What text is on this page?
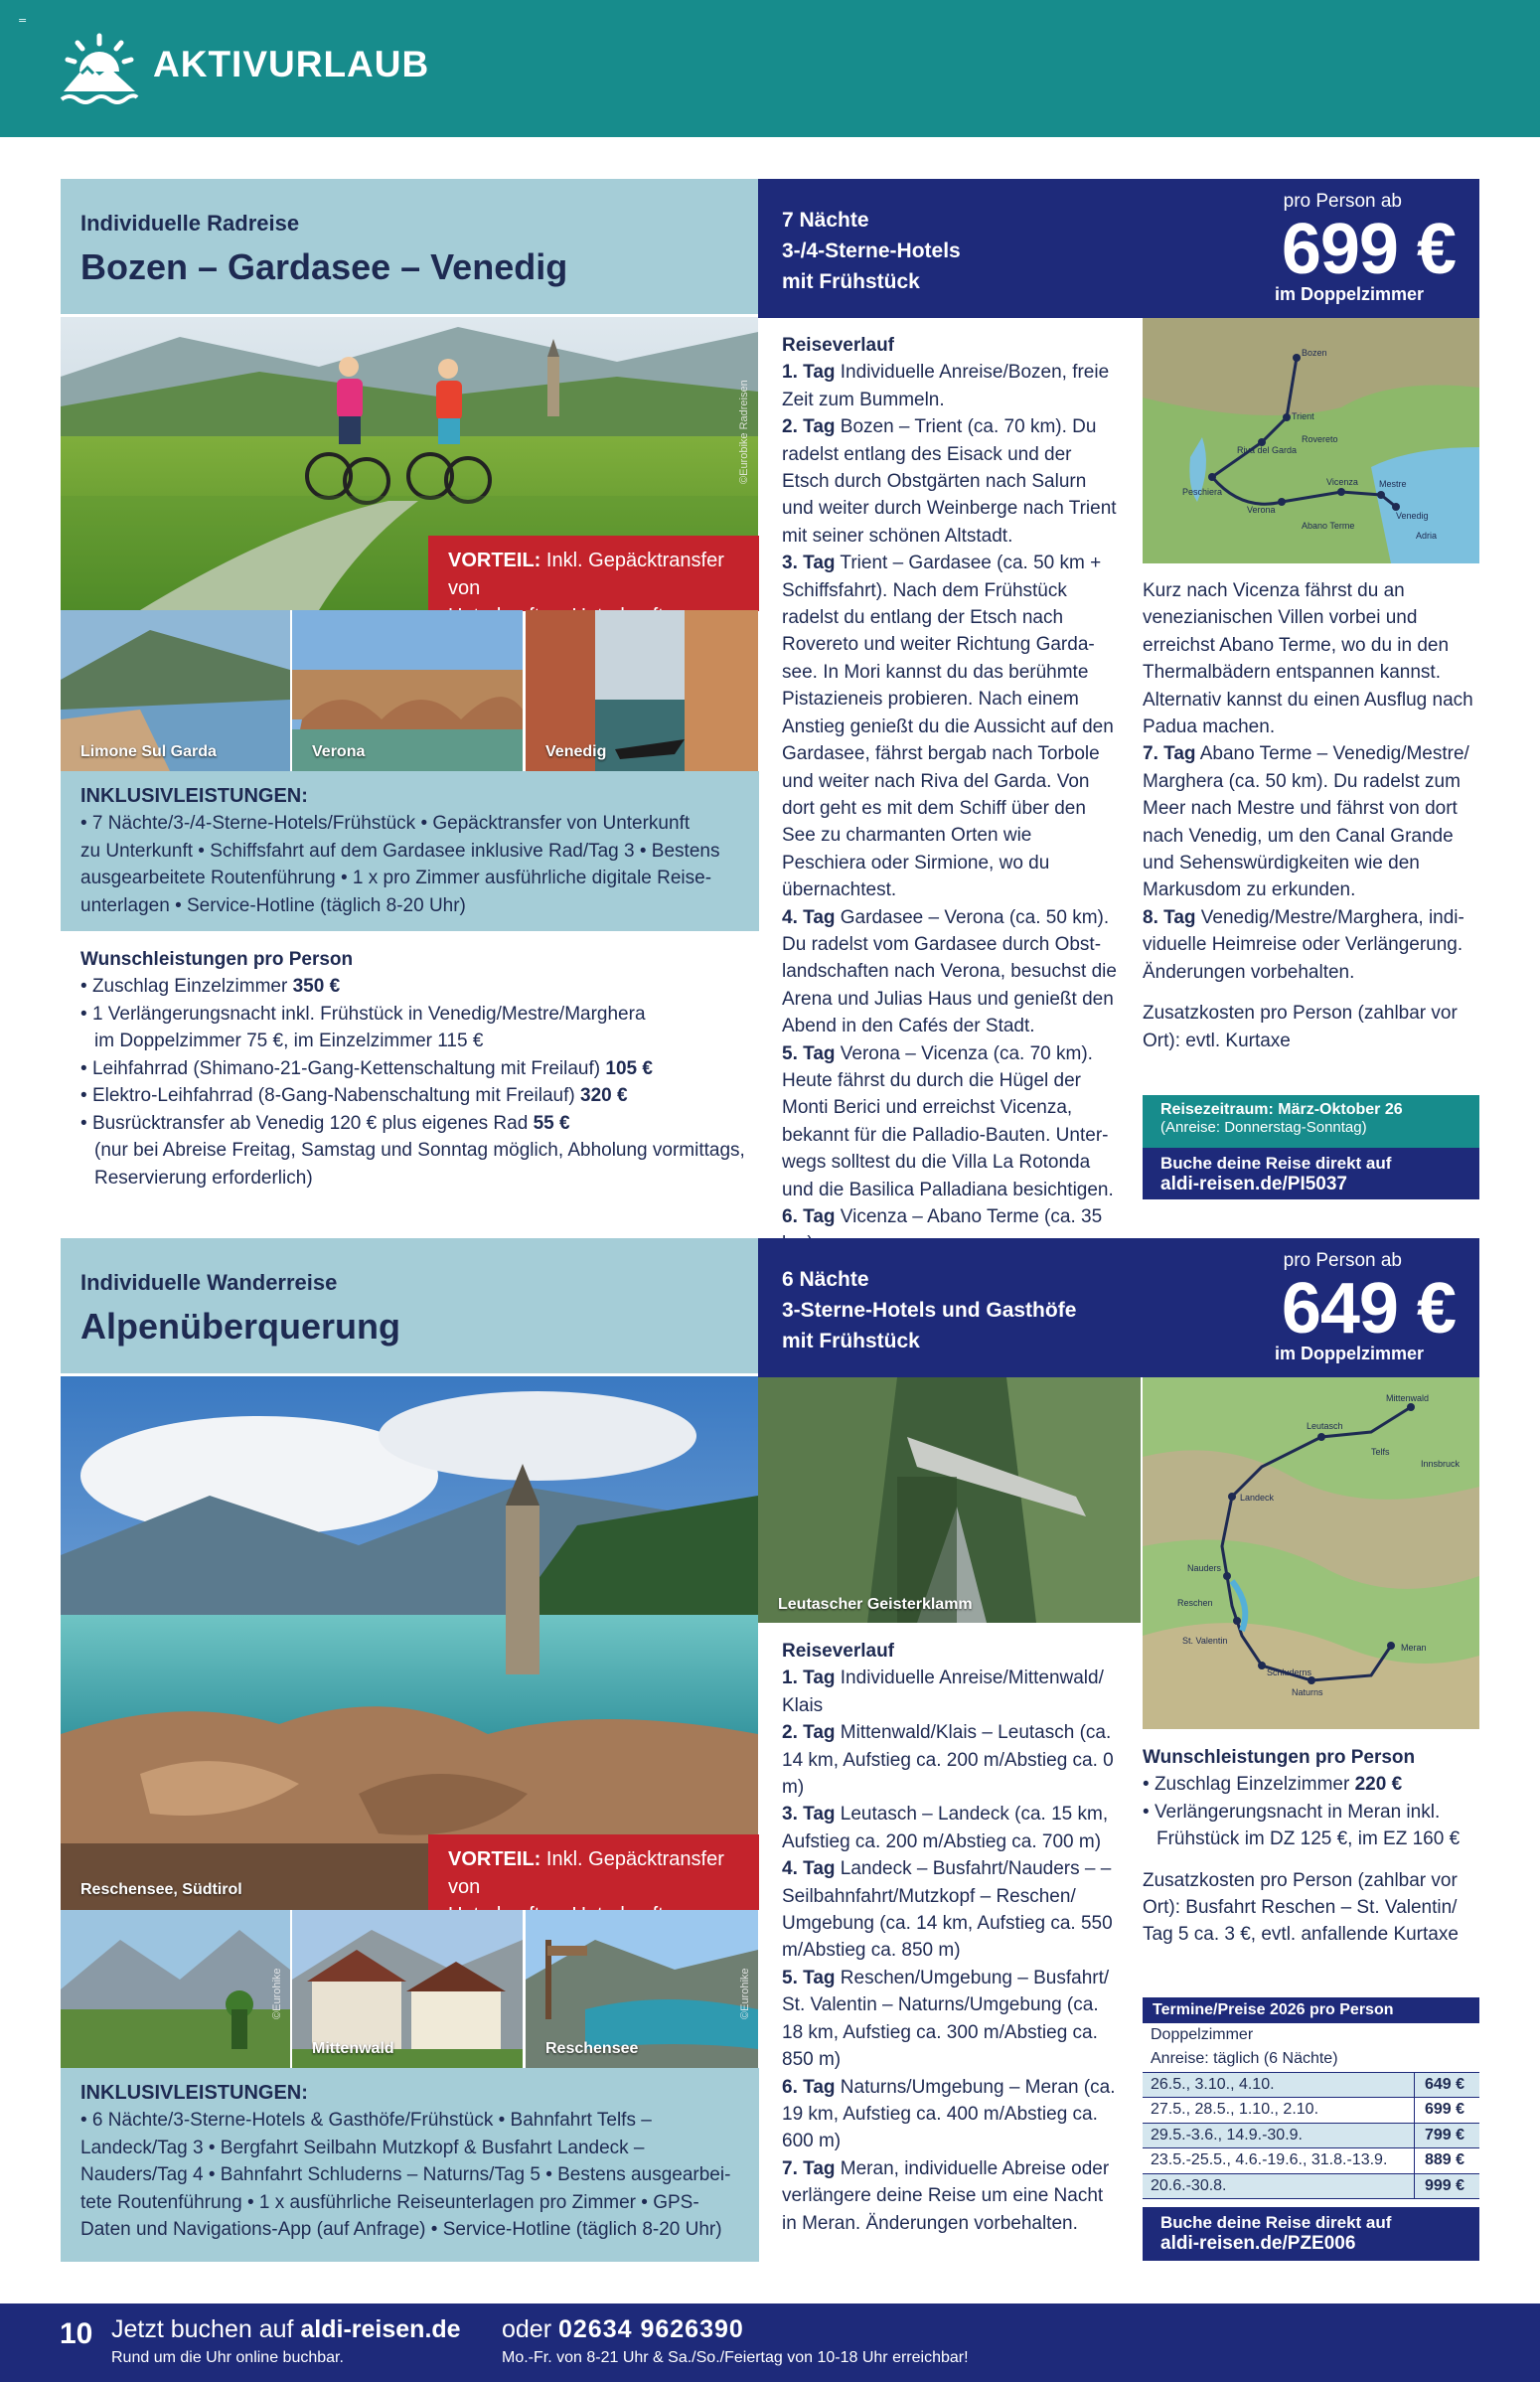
=
AKTIVURLAUB
Individuelle Radreise
Bozen – Gardasee – Venedig
7 Nächte
3-/4-Sterne-Hotels
mit Frühstück
pro Person ab
699 €
im Doppelzimmer
©Eurobike Radreisen
VORTEIL: Inkl. Gepäcktransfer von
Limone Sul Garda	Verona	Venedig
INKLUSIVLEISTUNGEN:
• 7 Nächte/3-/4-Sterne-Hotels/Frühstück • Gepäcktransfer von Unterkunft
zu Unterkunft • Schiffsfahrt auf dem Gardasee inklusive Rad/Tag 3 • Bestens
ausgearbeitete Routenführung • 1 x pro Zimmer ausführliche digitale Reise-
unterlagen • Service-Hotline (täglich 8-20 Uhr)
Wunschleistungen pro Person
• Zuschlag Einzelzimmer 350 €
• 1 Verlängerungsnacht inkl. Frühstück in Venedig/Mestre/Marghera
im Doppelzimmer 75 €, im Einzelzimmer 115 €
• Leihfahrrad (Shimano-21-Gang-Kettenschaltung mit Freilauf) 105 €
• Elektro-Leihfahrrad (8-Gang-Nabenschaltung mit Freilauf) 320 €
• Busrücktransfer ab Venedig 120 € plus eigenes Rad 55 €
(nur bei Abreise Freitag, Samstag und Sonntag möglich, Abholung vormittags, Reservierung erforderlich)
Reiseverlauf

1. Tag Individuelle Anreise/Bozen, freie Zeit zum Bummeln.

2. Tag Bozen – Trient (ca. 70 km). Du radelst entlang des Eisack und der Etsch durch Obstgärten nach Salurn und weiter durch Weinberge nach Trient mit seiner schönen Altstadt.

3. Tag Trient – Gardasee (ca. 50 km + Schiffsfahrt). Nach dem Frühstück radelst du entlang der Etsch nach Rovereto und weiter Richtung Garda-see. In Mori kannst du das berühmte Pistazieneis probieren. Nach einem Anstieg genießt du die Aussicht auf den Gardasee, fährst bergab nach Torbole und weiter nach Riva del Garda. Von dort geht es mit dem Schiff über den See zu charmanten Orten wie Peschiera oder Sirmione, wo du übernachtest.

4. Tag Gardasee – Verona (ca. 50 km). Du radelst vom Gardasee durch Obst-landschaften nach Verona, besuchst die Arena und Julias Haus und genießt den Abend in den Cafés der Stadt.

5. Tag Verona – Vicenza (ca. 70 km). Heute fährst du durch die Hügel der Monti Berici und erreichst Vicenza, bekannt für die Palladio-Bauten. Unter-wegs solltest du die Villa La Rotonda und die Basilica Palladiana besichtigen.

6. Tag Vicenza – Abano Terme (ca. 35

Bozen
Trient
Riva del Garda
Rovereto
Peschiera
Verona
Vicenza
Abano Terme
Mestre
Venedig
Adria

Kurz nach Vicenza fährst du an venezianischen Villen vorbei und erreichst Abano Terme, wo du in den Thermalbädern entspannen kannst. Alternativ kannst du einen Ausflug nach Padua machen.

7. Tag Abano Terme – Venedig/Mestre/ Marghera (ca. 50 km). Du radelst zum Meer nach Mestre und fährst von dort nach Venedig, um den Canal Grande und Sehenswürdigkeiten wie den Markusdom zu erkunden.

8. Tag Venedig/Mestre/Marghera, indi-viduelle Heimreise oder Verlängerung. Änderungen vorbehalten.

Zusatzkosten pro Person (zahlbar vor Ort): evtl. Kurtaxe

Reisezeitraum: März-Oktober 26
(Anreise: Donnerstag-Sonntag)
Buche deine Reise direkt auf
aldi-reisen.de/PI5037
Individuelle Wanderreise
Alpenüberquerung
6 Nächte
3-Sterne-Hotels und Gasthöfe
mit Frühstück
pro Person ab
649 €
im Doppelzimmer
Reschensee, Südtirol
VORTEIL: Inkl. Gepäcktransfer von
©Eurohike
Mittenwald	Reschensee
©Eurohike
INKLUSIVLEISTUNGEN:
• 6 Nächte/3-Sterne-Hotels & Gasthöfe/Frühstück • Bahnfahrt Telfs –
Landeck/Tag 3 • Bergfahrt Seilbahn Mutzkopf & Busfahrt Landeck –
Nauders/Tag 4 • Bahnfahrt Schluderns – Naturns/Tag 5 • Bestens ausgearbei-
tete Routenführung • 1 x ausführliche Reiseunterlagen pro Zimmer • GPS-
Daten und Navigations-App (auf Anfrage) • Service-Hotline (täglich 8-20 Uhr)
Leutascher Geisterklamm
Mittenwald
Leutasch
Telfs
Landeck
Nauders
Reschen
St. Valentin
Schluderns
Naturns
Meran
Innsbruck
Reiseverlauf

1. Tag Individuelle Anreise/Mittenwald/ Klais

2. Tag Mittenwald/Klais – Leutasch (ca. 14 km, Aufstieg ca. 200 m/Abstieg ca. 0 m)

3. Tag Leutasch – Landeck (ca. 15 km, Aufstieg ca. 200 m/Abstieg ca. 700 m)

4. Tag Landeck – Busfahrt/Nauders – – Seilbahnfahrt/Mutzkopf – Reschen/ Umgebung (ca. 14 km, Aufstieg ca. 550 m/Abstieg ca. 850 m)

5. Tag Reschen/Umgebung – Busfahrt/ St. Valentin – Naturns/Umgebung (ca. 18 km, Aufstieg ca. 300 m/Abstieg ca. 850 m)

6. Tag Naturns/Umgebung – Meran (ca. 19 km, Aufstieg ca. 400 m/Abstieg ca. 600 m)

7. Tag Meran, individuelle Abreise oder verlängere deine Reise um eine Nacht in Meran. Änderungen vorbehalten.

Wunschleistungen pro Person
• Zuschlag Einzelzimmer 220 €
• Verlängerungsnacht in Meran inkl. Frühstück im DZ 125 €, im EZ 160 €
Zusatzkosten pro Person (zahlbar vor Ort): Busfahrt Reschen – St. Valentin/ Tag 5 ca. 3 €, evtl. anfallende Kurtaxe
Termine/Preise 2026 pro Person
Doppelzimmer
Anreise: täglich (6 Nächte)
26.5., 3.10., 4.10.	649 €
27.5., 28.5., 1.10., 2.10.	699 €
29.5.-3.6., 14.9.-30.9.	799 €
23.5.-25.5., 4.6.-19.6., 31.8.-13.9.	889 €
20.6.-30.8.	999 €
Buche deine Reise direkt auf
aldi-reisen.de/PZE006
10 Jetzt buchen auf aldi-reisen.de
Rund um die Uhr online buchbar.
oder 02634 9626390
Mo.-Fr. von 8-21 Uhr & Sa./So./Feiertag von 10-18 Uhr erreichbar!
